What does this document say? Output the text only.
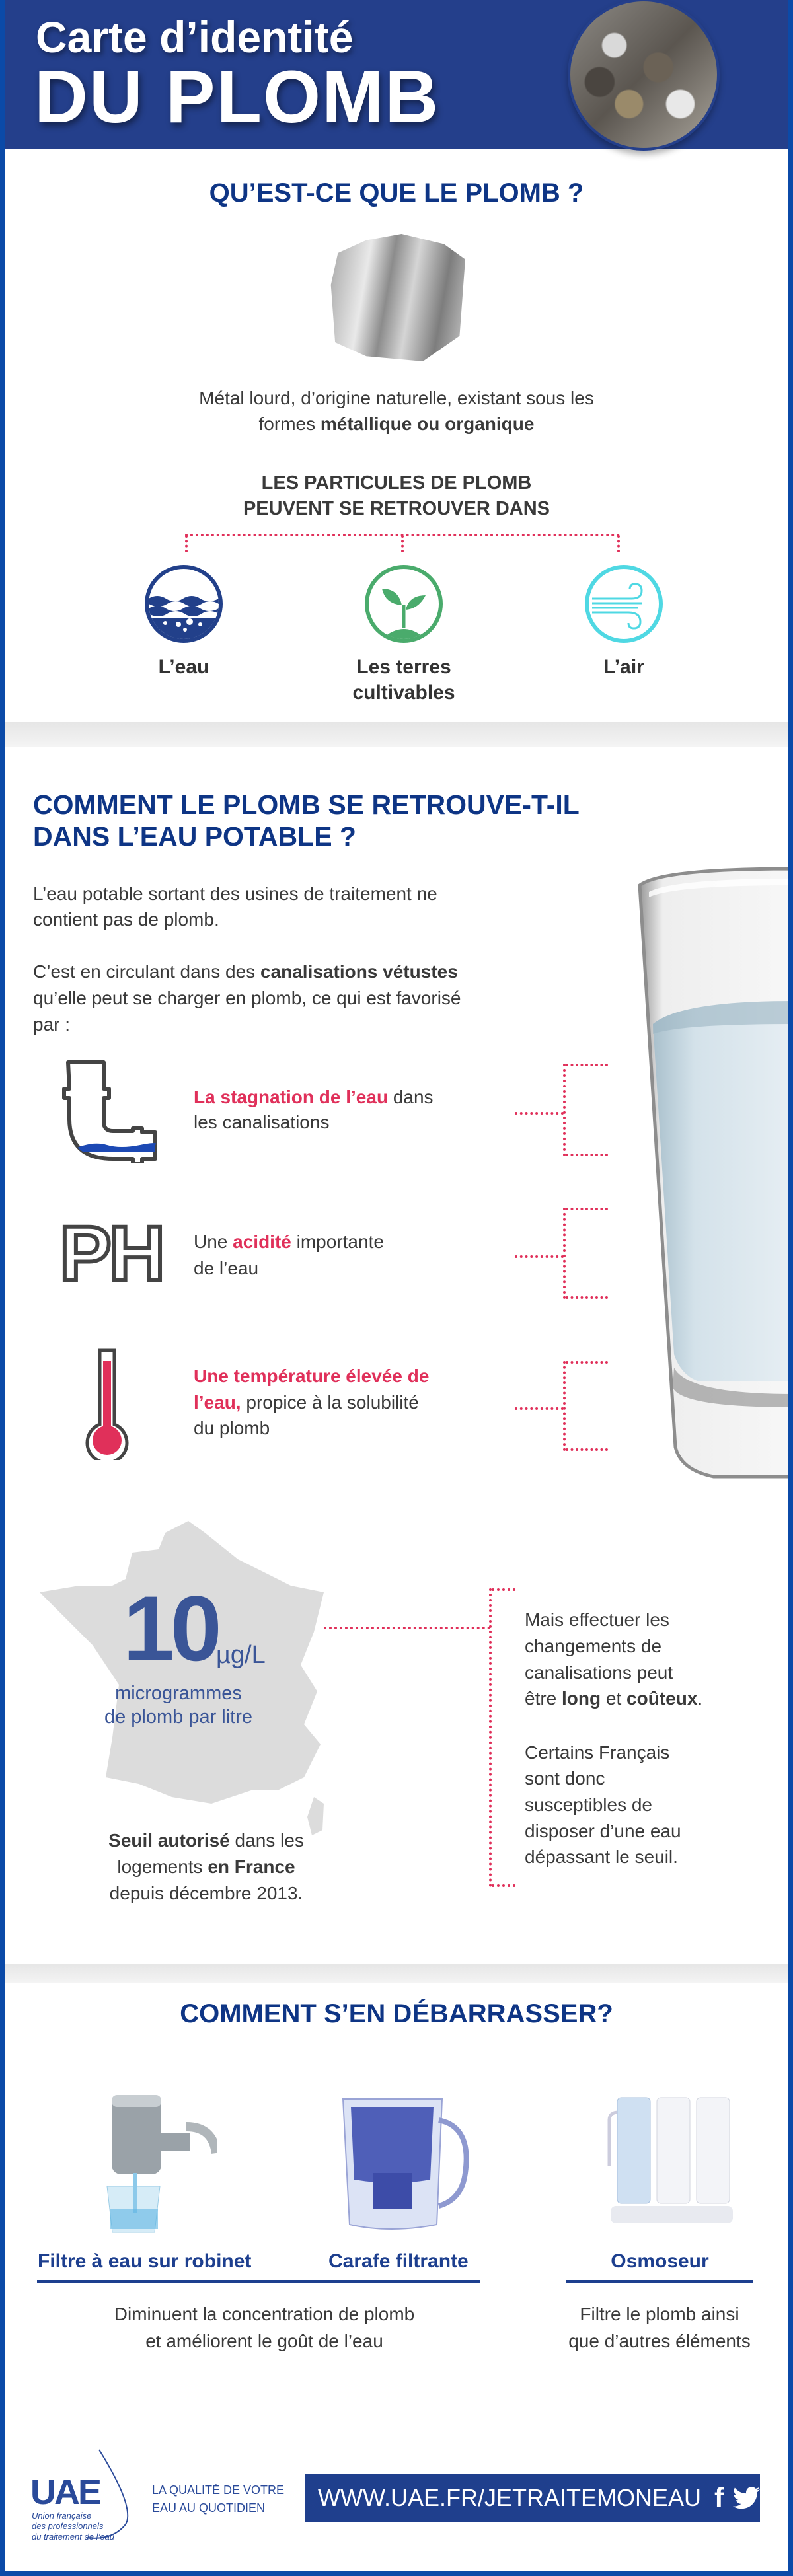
Carte d’identité
DU PLOMB
QU’EST-CE QUE LE PLOMB ?
Métal lourd, d’origine naturelle, existant sous les
formes métallique ou organique
LES PARTICULES DE PLOMB
PEUVENT SE RETROUVER DANS
L’eau	Les terres
cultivables
L’air
COMMENT LE PLOMB SE RETROUVE-T-IL
DANS L’EAU POTABLE ?
L’eau potable sortant des usines de traitement ne
contient pas de plomb.
C’est en circulant dans des canalisations vétustes
qu’elle peut se charger en plomb, ce qui est favorisé
par :
La stagnation de l’eau dans
les canalisations
PH Une acidité importante
de l’eau
Une température élevée de
l’eau, propice à la solubilité
du plomb
10
µg/L
microgrammes
de plomb par litre
Seuil autorisé dans les
logements en France
depuis décembre 2013.
Mais effectuer les
changements de
canalisations peut
être long et coûteux.
Certains Français
sont donc
susceptibles de
disposer d’une eau
dépassant le seuil.
COMMENT S’EN DÉBARRASSER?
Filtre à eau sur robinet	Carafe filtrante	Osmoseur
Diminuent la concentration de plomb
et améliorent le goût de l’eau
Filtre le plomb ainsi
que d’autres éléments
UAE
Union française
des professionnels
du traitement de l’eau
LA QUALITÉ DE VOTRE
EAU AU QUOTIDIEN	WWW.UAE.FR/JETRAITEMONEAU f
